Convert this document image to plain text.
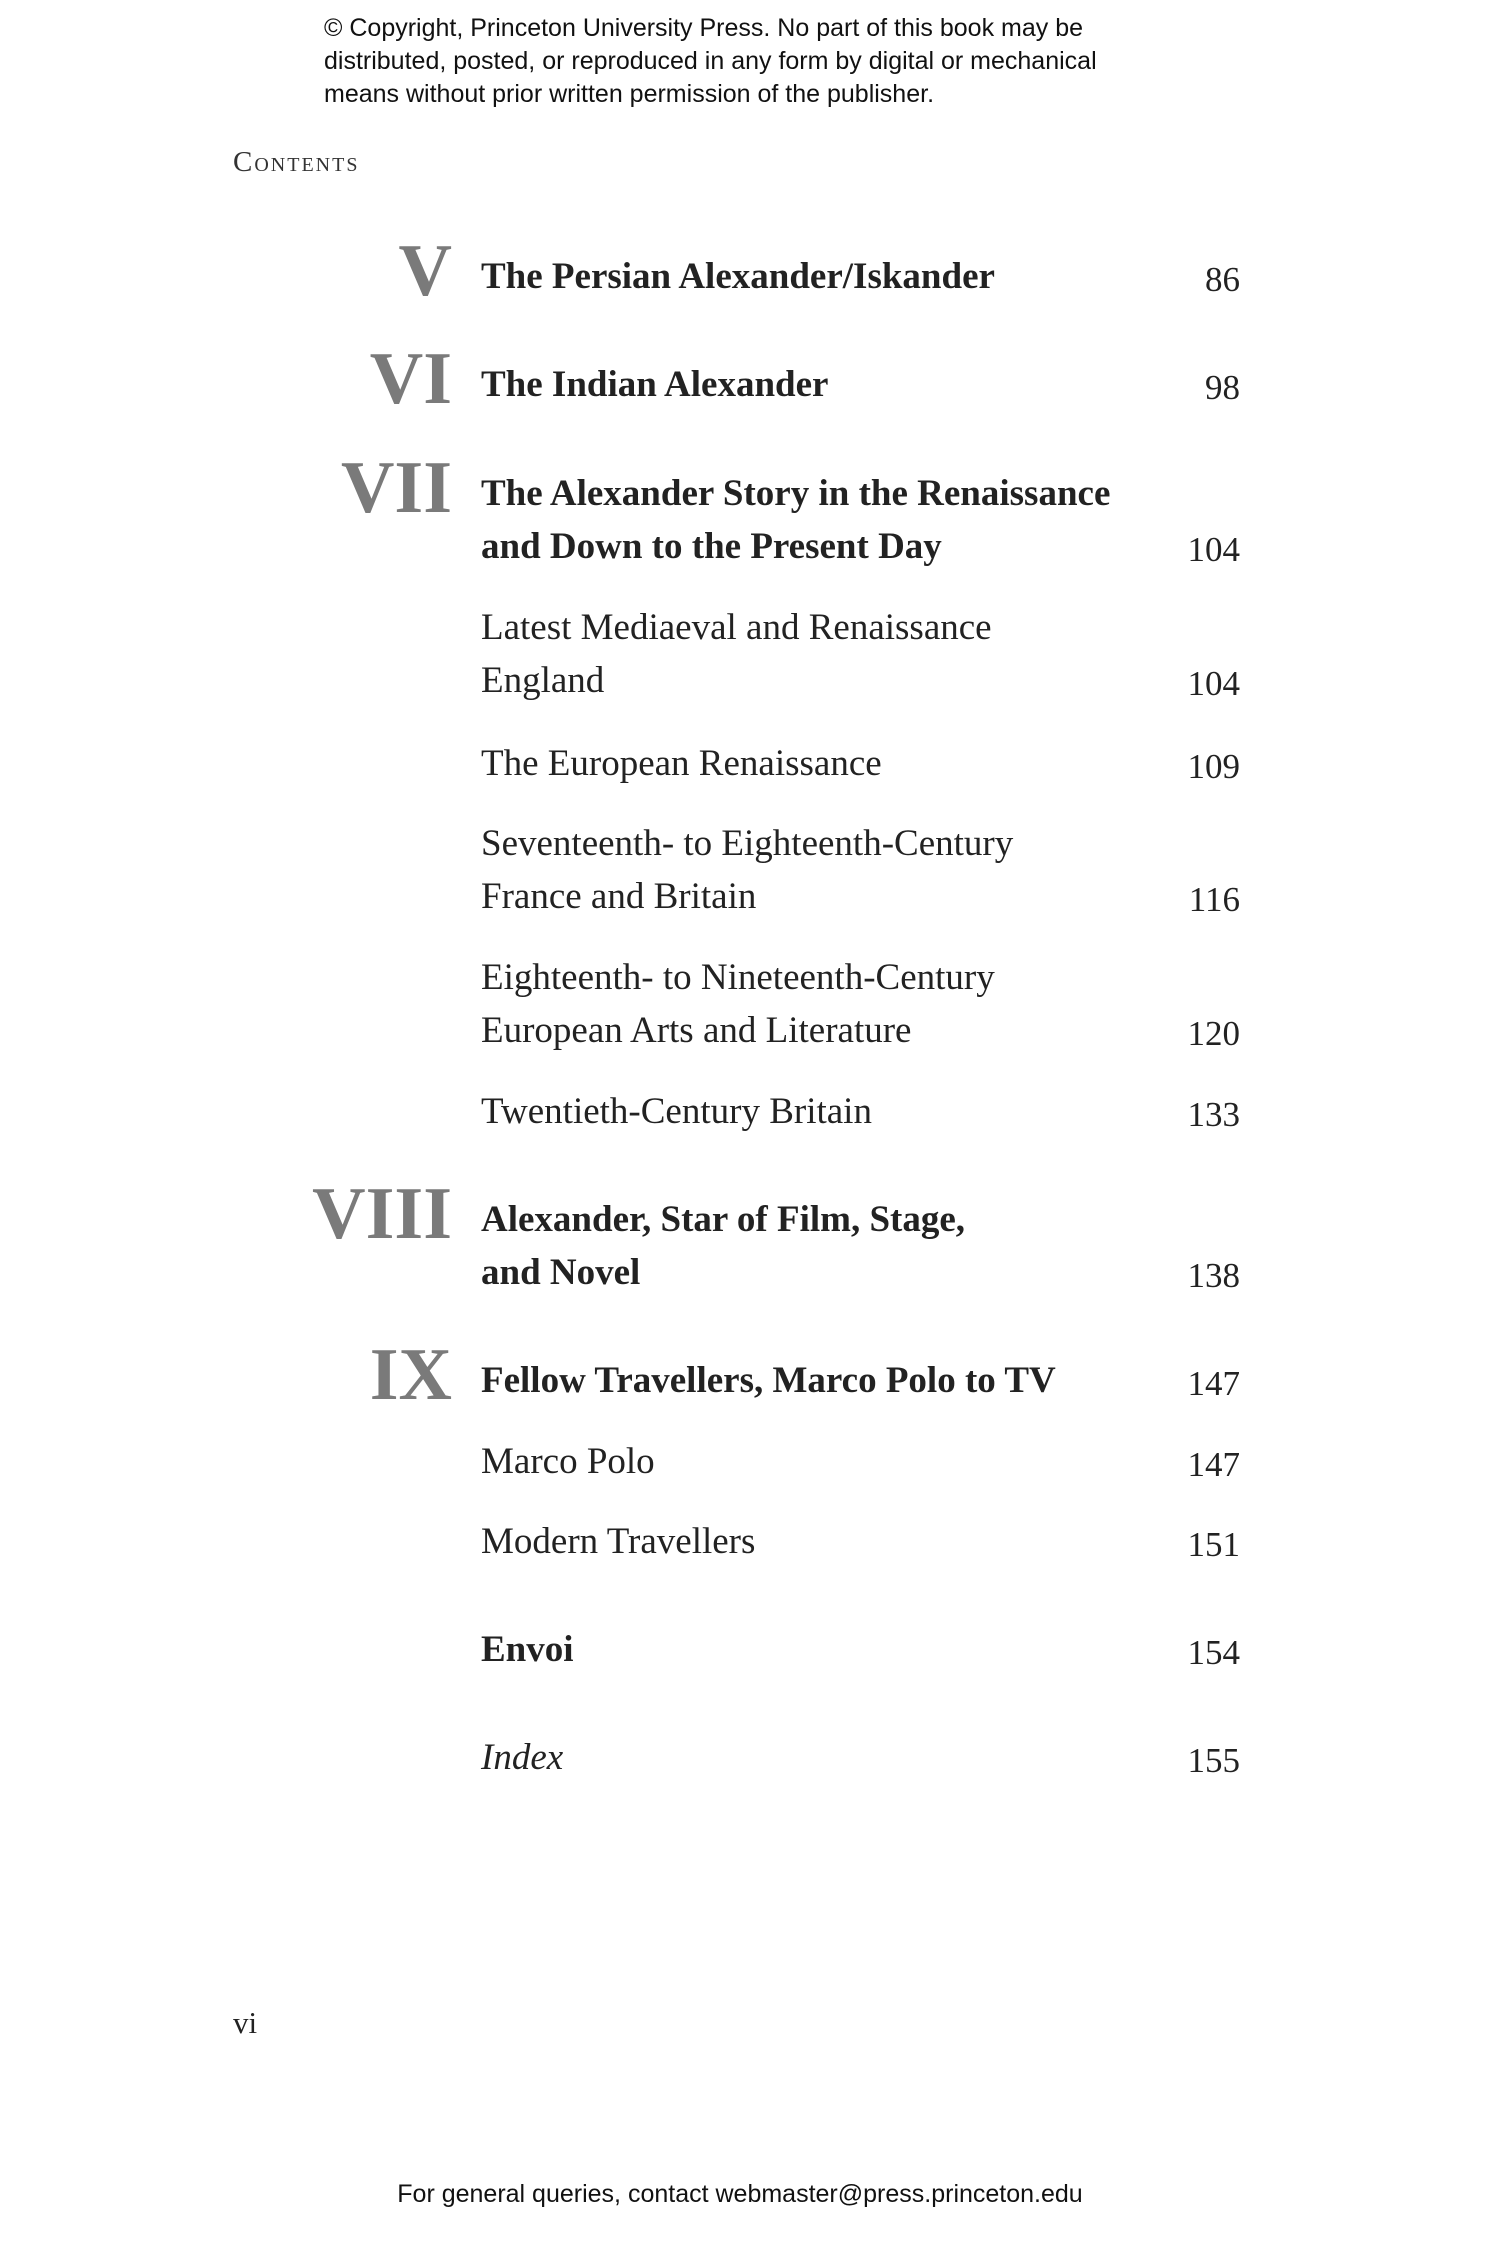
© Copyright, Princeton University Press. No part of this book may be
distributed, posted, or reproduced in any form by digital or mechanical
means without prior written permission of the publisher.
Contents
V The Persian Alexander/Iskander	86
VI The Indian Alexander	98
VII The Alexander Story in the Renaissance
and Down to the Present Day	104
Latest Mediaeval and Renaissance
England	104
The European Renaissance	109
Seventeenth- to Eighteenth-Century
France and Britain	116
Eighteenth- to Nineteenth-Century
European Arts and Literature	120
Twentieth-Century Britain	133
VIII Alexander, Star of Film, Stage,
and Novel	138
IX Fellow Travellers, Marco Polo to TV	147
Marco Polo	147
Modern Travellers	151
Envoi	154
Index	155
vi
For general queries, contact webmaster@press.princeton.edu
